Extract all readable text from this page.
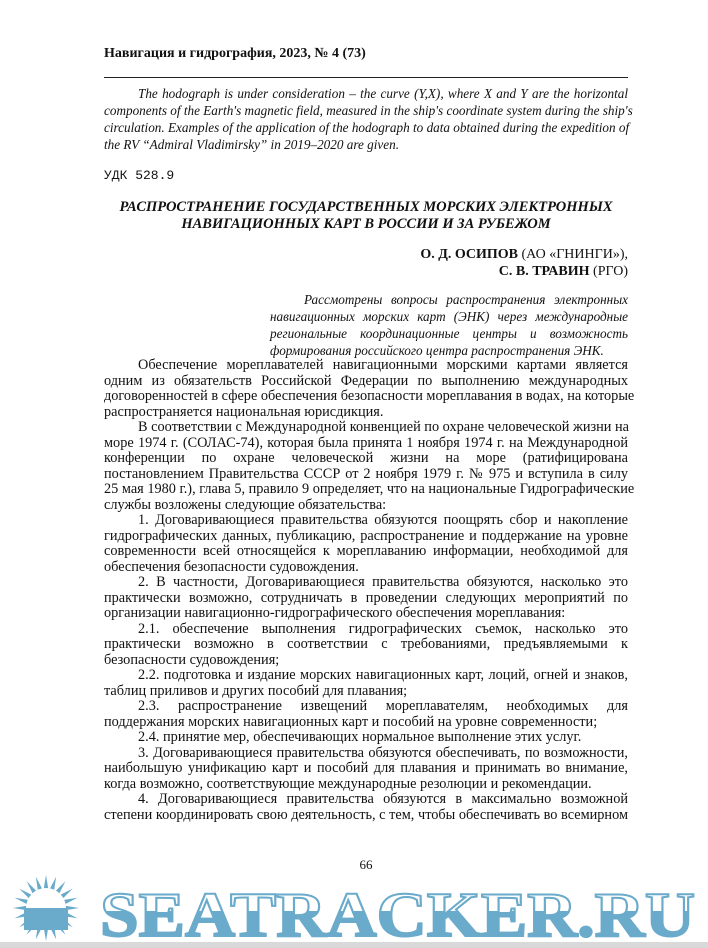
Навигация и гидрография, 2023, № 4 (73)
The hodograph is under consideration – the curve (Y,X), where X and Y are the horizontal
components of the Earth's magnetic field, measured in the ship's coordinate system during the ship's
circulation. Examples of the application of the hodograph to data obtained during the expedition of
the RV “Admiral Vladimirsky” in 2019–2020 are given.
УДК 528.9
РАСПРОСТРАНЕНИЕ ГОСУДАРСТВЕННЫХ МОРСКИХ ЭЛЕКТРОННЫХ
НАВИГАЦИОННЫХ КАРТ В РОССИИ И ЗА РУБЕЖОМ
О. Д. ОСИПОВ (АО «ГНИНГИ»),
С. В. ТРАВИН (РГО)
Рассмотрены вопросы распространения электронных
навигационных морских карт (ЭНК) через международные
региональные координационные центры и возможность
формирования российского центра распространения ЭНК.
Обеспечение мореплавателей навигационными морскими картами является
одним из обязательств Российской Федерации по выполнению международных
договоренностей в сфере обеспечения безопасности мореплавания в водах, на которые
распространяется национальная юрисдикция.
В соответствии с Международной конвенцией по охране человеческой жизни на
море 1974 г. (СОЛАС-74), которая была принята 1 ноября 1974 г. на Международной
конференции по охране человеческой жизни на море (ратифицирована
постановлением Правительства СССР от 2 ноября 1979 г. № 975 и вступила в силу
25 мая 1980 г.), глава 5, правило 9 определяет, что на национальные Гидрографические
службы возложены следующие обязательства:
1. Договаривающиеся правительства обязуются поощрять сбор и накопление
гидрографических данных, публикацию, распространение и поддержание на уровне
современности всей относящейся к мореплаванию информации, необходимой для
обеспечения безопасности судовождения.
2. В частности, Договаривающиеся правительства обязуются, насколько это
практически возможно, сотрудничать в проведении следующих мероприятий по
организации навигационно-гидрографического обеспечения мореплавания:
2.1. обеспечение выполнения гидрографических съемок, насколько это
практически возможно в соответствии с требованиями, предъявляемыми к
безопасности судовождения;
2.2. подготовка и издание морских навигационных карт, лоций, огней и знаков,
таблиц приливов и других пособий для плавания;
2.3. распространение извещений мореплавателям, необходимых для
поддержания морских навигационных карт и пособий на уровне современности;
2.4. принятие мер, обеспечивающих нормальное выполнение этих услуг.
3. Договаривающиеся правительства обязуются обеспечивать, по возможности,
наибольшую унификацию карт и пособий для плавания и принимать во внимание,
когда возможно, соответствующие международные резолюции и рекомендации.
4. Договаривающиеся правительства обязуются в максимально возможной
степени координировать свою деятельность, с тем, чтобы обеспечивать во всемирном
66
SEATRACKER.RU
